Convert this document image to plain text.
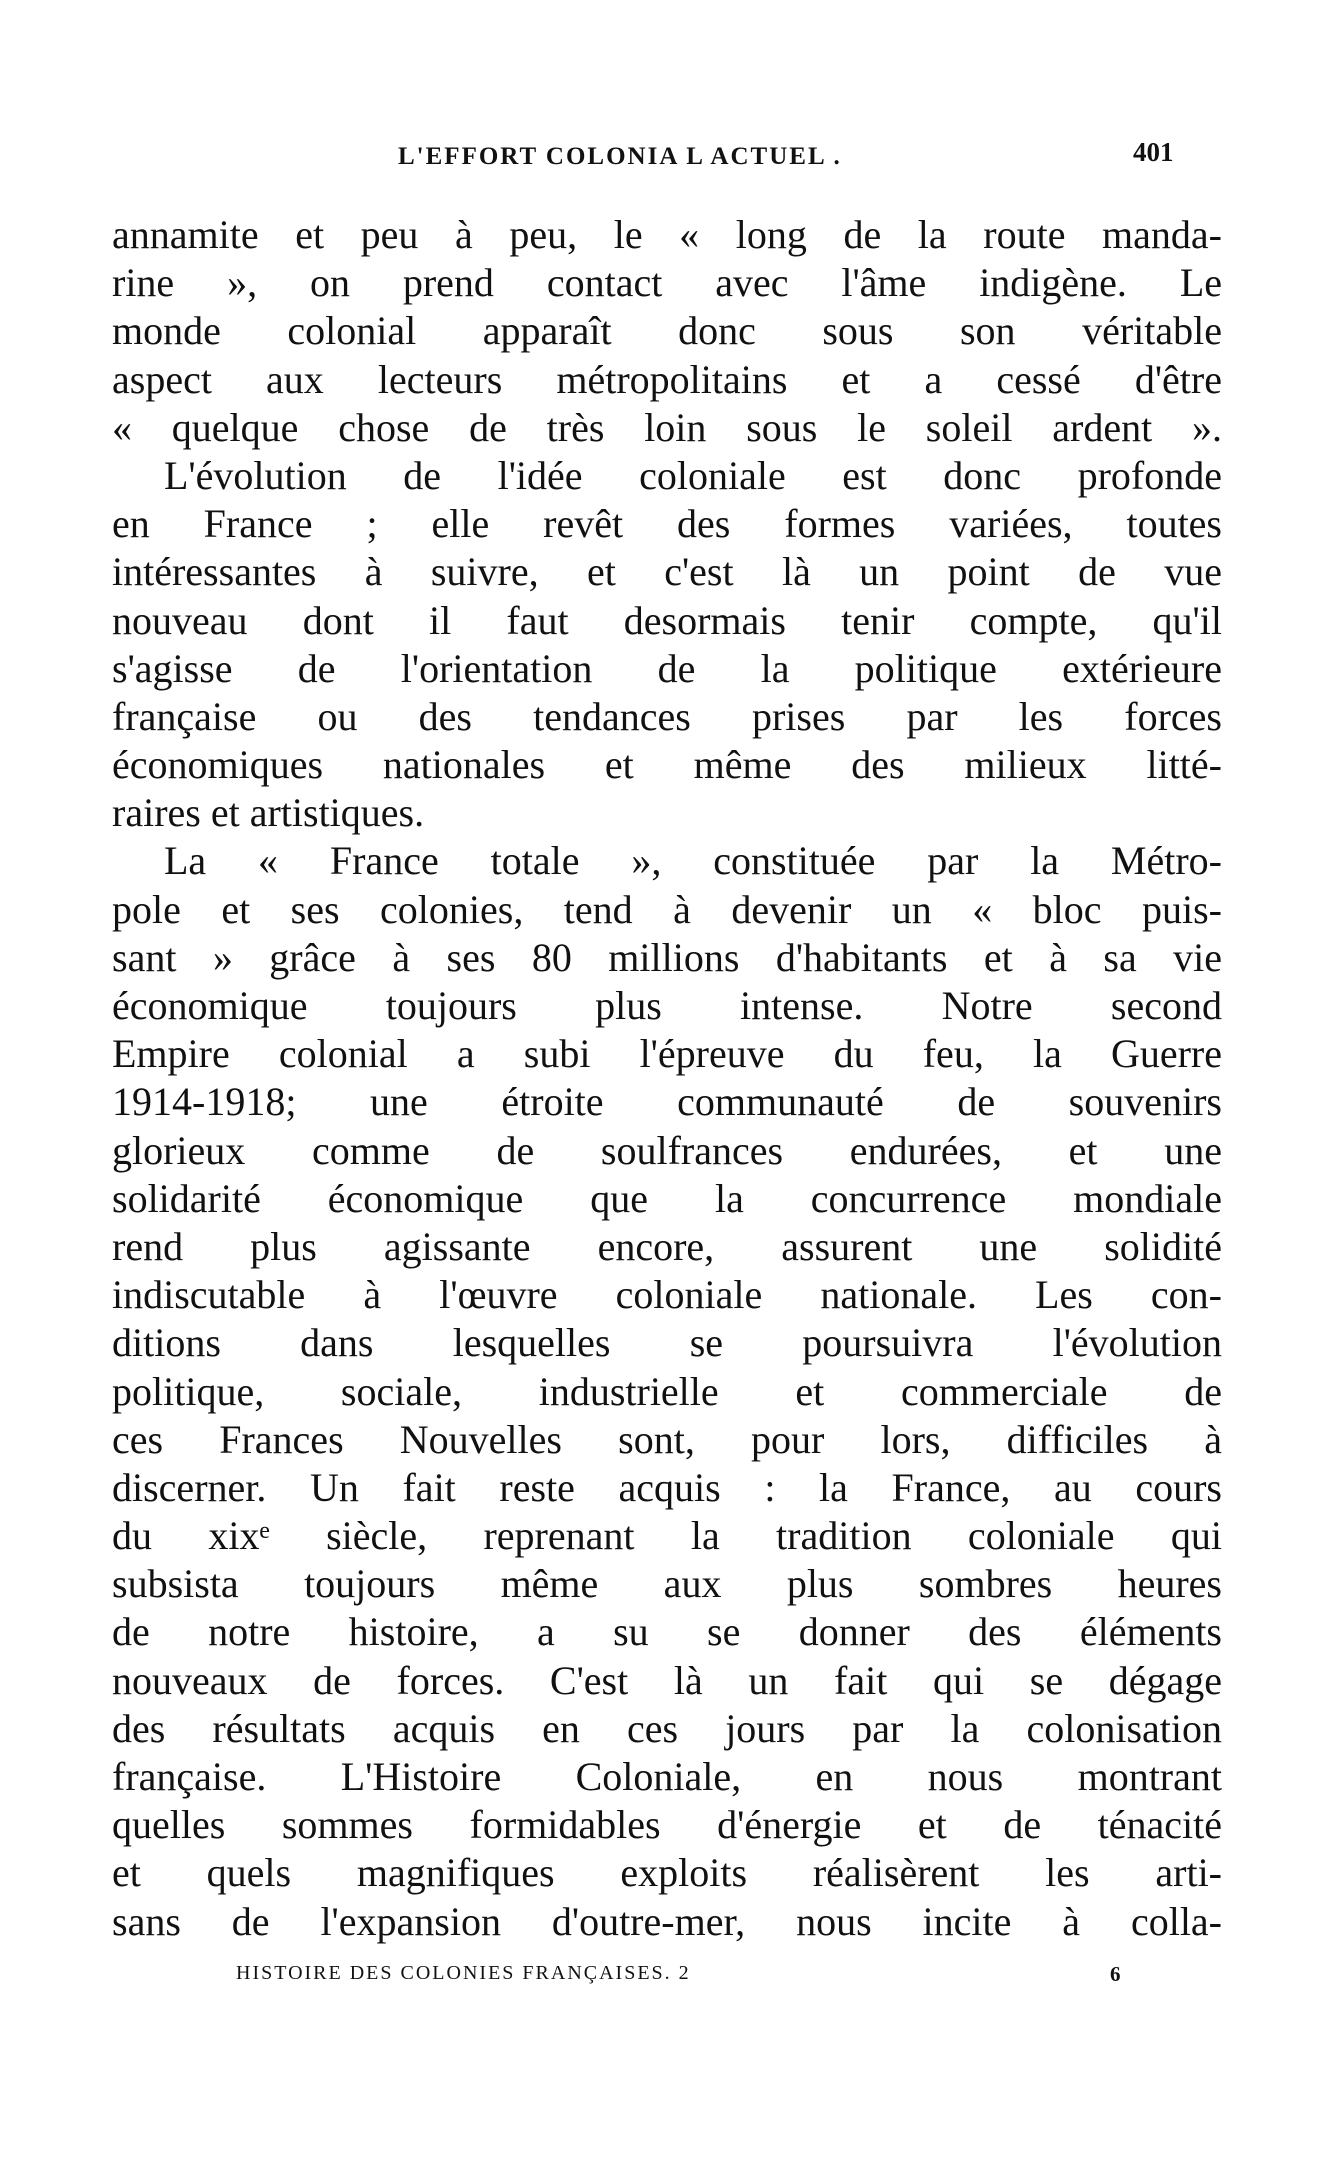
L'EFFORT COLONIA L ACTUEL .	401
annamite et peu à peu, le « long de la route manda-
rine », on prend contact avec l'âme indigène. Le
monde colonial apparaît donc sous son véritable
aspect aux lecteurs métropolitains et a cessé d'être
« quelque chose de très loin sous le soleil ardent ».
L'évolution de l'idée coloniale est donc profonde
en France ; elle revêt des formes variées, toutes
intéressantes à suivre, et c'est là un point de vue
nouveau dont il faut desormais tenir compte, qu'il
s'agisse de l'orientation de la politique extérieure
française ou des tendances prises par les forces
économiques nationales et même des milieux litté-
raires et artistiques.
La « France totale », constituée par la Métro-
pole et ses colonies, tend à devenir un « bloc puis-
sant » grâce à ses 80 millions d'habitants et à sa vie
économique toujours plus intense. Notre second
Empire colonial a subi l'épreuve du feu, la Guerre
1914-1918; une étroite communauté de souvenirs
glorieux comme de soulfrances endurées, et une
solidarité économique que la concurrence mondiale
rend plus agissante encore, assurent une solidité
indiscutable à l'œuvre coloniale nationale. Les con-
ditions dans lesquelles se poursuivra l'évolution
politique, sociale, industrielle et commerciale de
ces Frances Nouvelles sont, pour lors, difficiles à
discerner. Un fait reste acquis : la France, au cours
du xixᵉ siècle, reprenant la tradition coloniale qui
subsista toujours même aux plus sombres heures
de notre histoire, a su se donner des éléments
nouveaux de forces. C'est là un fait qui se dégage
des résultats acquis en ces jours par la colonisation
française. L'Histoire Coloniale, en nous montrant
quelles sommes formidables d'énergie et de ténacité
et quels magnifiques exploits réalisèrent les arti-
sans de l'expansion d'outre-mer, nous incite à colla-
HISTOIRE DES COLONIES FRANÇAISES. 2	6
